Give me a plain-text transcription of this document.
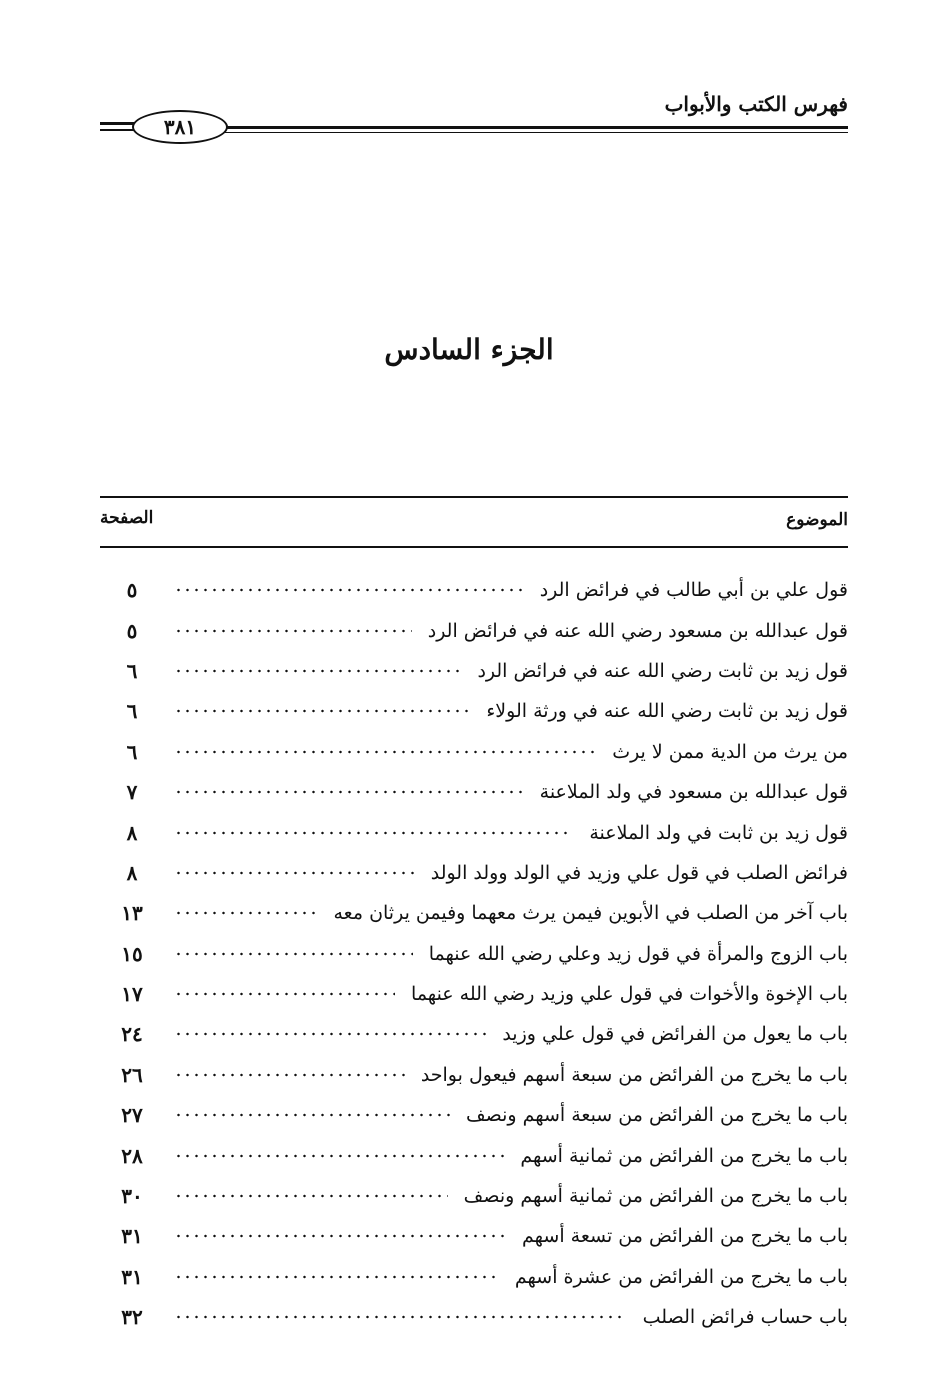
فهرس الكتب والأبواب
٣٨١
الجزء السادس
الموضوع
الصفحة
قول علي بن أبي طالب في فرائض الرد
٥
قول عبدالله بن مسعود رضي الله عنه في فرائض الرد
٥
قول زيد بن ثابت رضي الله عنه في فرائض الرد
٦
قول زيد بن ثابت رضي الله عنه في ورثة الولاء
٦
من يرث من الدية ممن لا يرث
٦
قول عبدالله بن مسعود في ولد الملاعنة
٧
قول زيد بن ثابت في ولد الملاعنة
٨
فرائض الصلب في قول علي وزيد في الولد وولد الولد
٨
باب آخر من الصلب في الأبوين فيمن يرث معهما وفيمن يرثان معه
١٣
باب الزوج والمرأة في قول زيد وعلي رضي الله عنهما
١٥
باب الإخوة والأخوات في قول علي وزيد رضي الله عنهما
١٧
باب ما يعول من الفرائض في قول علي وزيد
٢٤
باب ما يخرج من الفرائض من سبعة أسهم فيعول بواحد
٢٦
باب ما يخرج من الفرائض من سبعة أسهم ونصف
٢٧
باب ما يخرج من الفرائض من ثمانية أسهم
٢٨
باب ما يخرج من الفرائض من ثمانية أسهم ونصف
٣٠
باب ما يخرج من الفرائض من تسعة أسهم
٣١
باب ما يخرج من الفرائض من عشرة أسهم
٣١
باب حساب فرائض الصلب
٣٢
